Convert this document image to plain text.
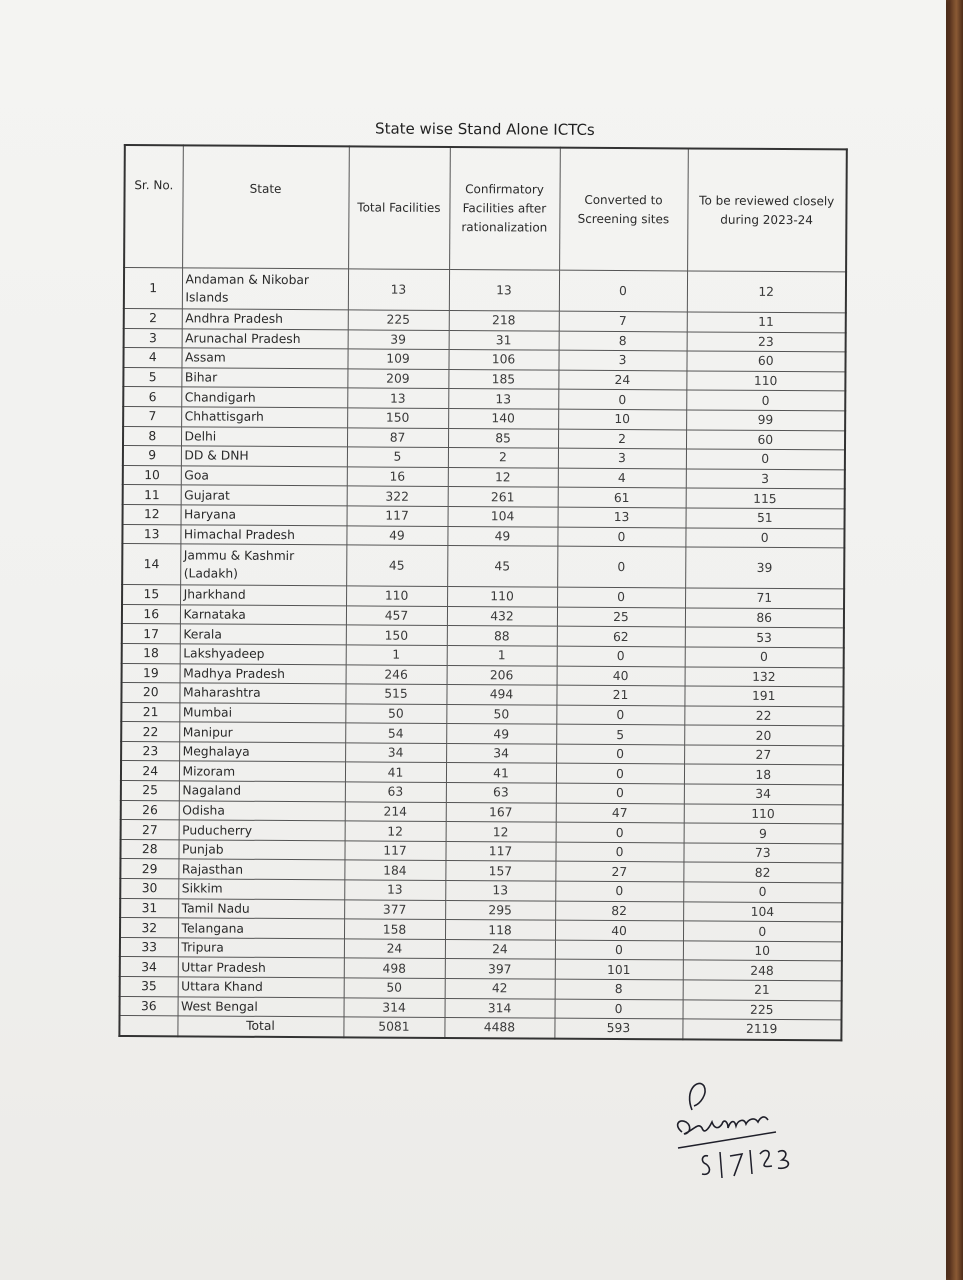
State wise Stand Alone ICTCs
Sr. No.	State	Total Facilities	Confirmatory Facilities after rationalization	Converted to Screening sites	To be reviewed closely during 2023-24
1	Andaman & Nikobar Islands	13	13	0	12
2	Andhra Pradesh	225	218	7	11
3	Arunachal Pradesh	39	31	8	23
4	Assam	109	106	3	60
5	Bihar	209	185	24	110
6	Chandigarh	13	13	0	0
7	Chhattisgarh	150	140	10	99
8	Delhi	87	85	2	60
9	DD & DNH	5	2	3	0
10	Goa	16	12	4	3
11	Gujarat	322	261	61	115
12	Haryana	117	104	13	51
13	Himachal Pradesh	49	49	0	0
14	Jammu & Kashmir (Ladakh)	45	45	0	39
15	Jharkhand	110	110	0	71
16	Karnataka	457	432	25	86
17	Kerala	150	88	62	53
18	Lakshyadeep	1	1	0	0
19	Madhya Pradesh	246	206	40	132
20	Maharashtra	515	494	21	191
21	Mumbai	50	50	0	22
22	Manipur	54	49	5	20
23	Meghalaya	34	34	0	27
24	Mizoram	41	41	0	18
25	Nagaland	63	63	0	34
26	Odisha	214	167	47	110
27	Puducherry	12	12	0	9
28	Punjab	117	117	0	73
29	Rajasthan	184	157	27	82
30	Sikkim	13	13	0	0
31	Tamil Nadu	377	295	82	104
32	Telangana	158	118	40	0
33	Tripura	24	24	0	10
34	Uttar Pradesh	498	397	101	248
35	Uttara Khand	50	42	8	21
36	West Bengal	314	314	0	225
	Total	5081	4488	593	2119
